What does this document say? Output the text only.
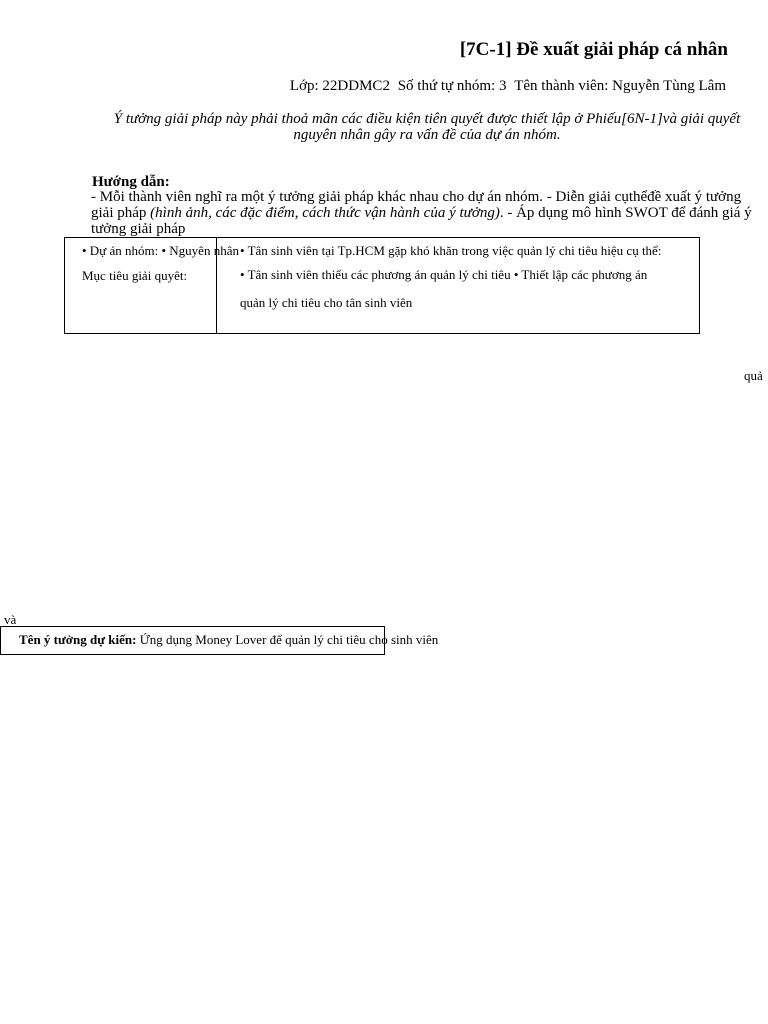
[7C-1] Đề xuất giải pháp cá nhân
Lớp: 22DDMC2 Số thứ tự nhóm: 3 Tên thành viên: Nguyễn Tùng Lâm
Ý tưởng giải pháp này phải thoả mãn các điều kiện tiên quyết được thiết lập ở Phiếu[6N-1]và giải quyết nguyên nhân gây ra vấn đề của dự án nhóm.
Hướng dẫn:
- Mỗi thành viên nghĩ ra một ý tưởng giải pháp khác nhau cho dự án nhóm. - Diễn giải cụthểđề xuất ý tưởng giải pháp (hình ảnh, các đặc điểm, cách thức vận hành của ý tưởng). - Áp dụng mô hình SWOT để đánh giá ý tưởng giải pháp
• Dự án nhóm: • Nguyên nhân
Mục tiêu giải quyêt:
• Tân sinh viên tại Tp.HCM gặp khó khăn trong việc quản lý chi tiêu hiệu cụ thể:
• Tân sinh viên thiếu các phương án quản lý chi tiêu • Thiết lập các phương án
quản lý chi tiêu cho tân sinh viên
quả
và
Tên ý tưởng dự kiến: Ứng dụng Money Lover để quản lý chi tiêu cho sinh viên
